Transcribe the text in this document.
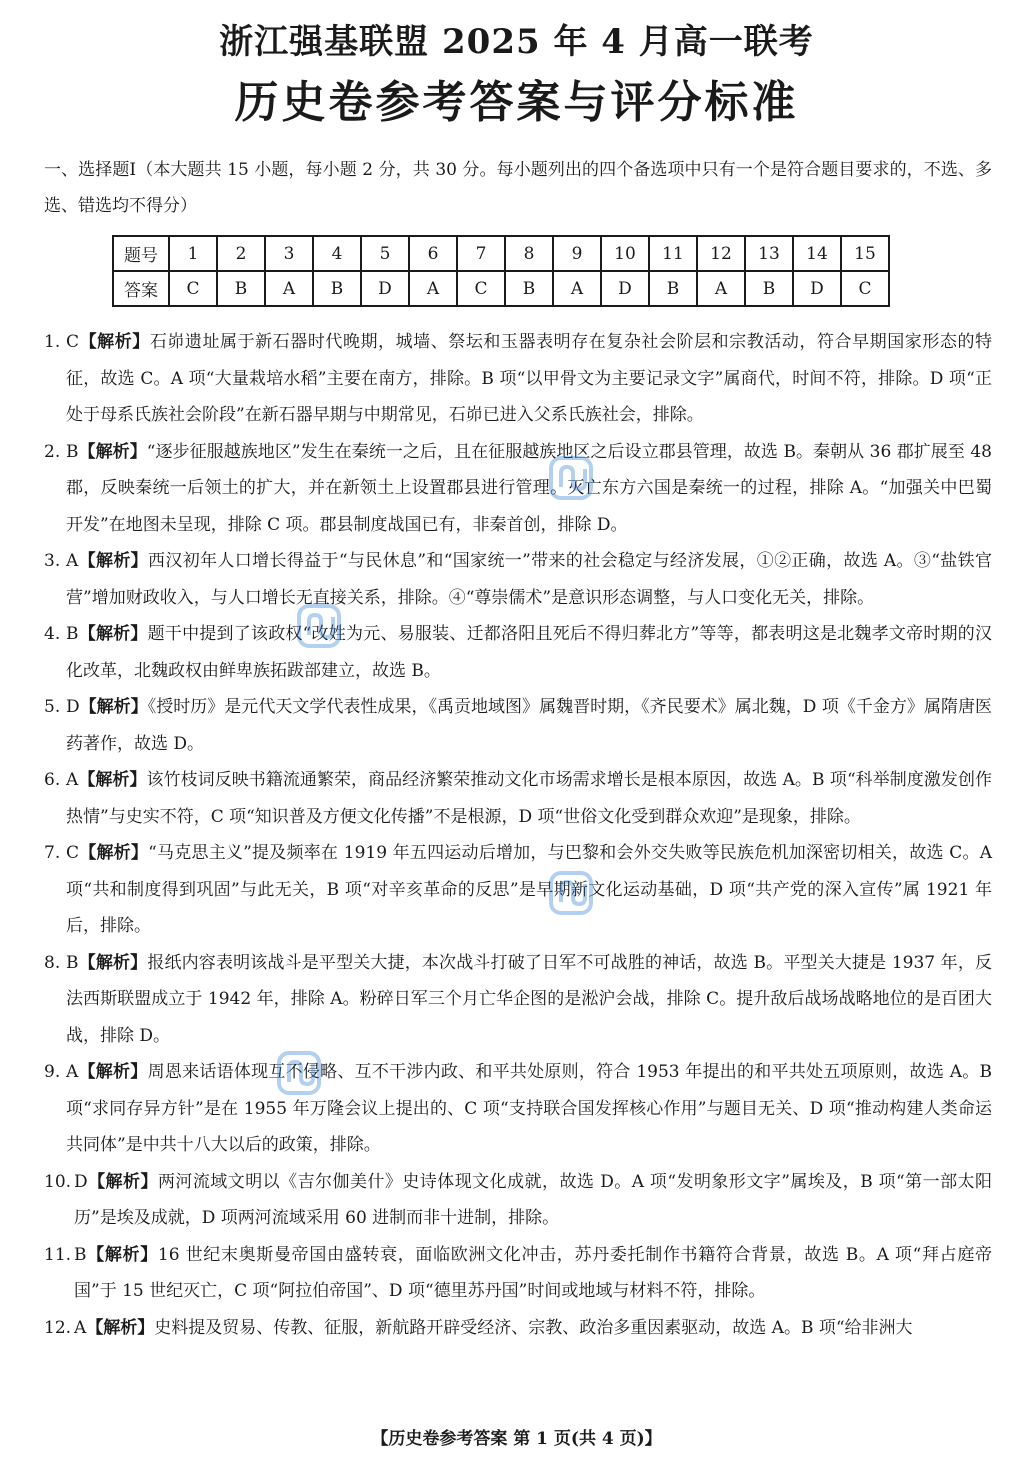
浙江强基联盟 2025 年 4 月高一联考
历史卷参考答案与评分标准
一、选择题Ⅰ（本大题共 15 小题，每小题 2 分，共 30 分。每小题列出的四个备选项中只有一个是符合题目要求的，不选、多选、错选均不得分）
题号	1	2	3	4	5	6	7	8	9	10	11	12	13	14	15
答案	C	B	A	B	D	A	C	B	A	D	B	A	B	D	C
1. C【解析】石峁遗址属于新石器时代晚期，城墙、祭坛和玉器表明存在复杂社会阶层和宗教活动，符合早期国家形态的特征，故选 C。A 项“大量栽培水稻”主要在南方，排除。B 项“以甲骨文为主要记录文字”属商代，时间不符，排除。D 项“正处于母系氏族社会阶段”在新石器早期与中期常见，石峁已进入父系氏族社会，排除。
2. B【解析】“逐步征服越族地区”发生在秦统一之后，且在征服越族地区之后设立郡县管理，故选 B。秦朝从 36 郡扩展至 48 郡，反映秦统一后领土的扩大，并在新领土上设置郡县进行管理。灭亡东方六国是秦统一的过程，排除 A。“加强关中巴蜀开发”在地图未呈现，排除 C 项。郡县制度战国已有，非秦首创，排除 D。
3. A【解析】西汉初年人口增长得益于“与民休息”和“国家统一”带来的社会稳定与经济发展，①②正确，故选 A。③“盐铁官营”增加财政收入，与人口增长无直接关系，排除。④“尊崇儒术”是意识形态调整，与人口变化无关，排除。
4. B【解析】题干中提到了该政权“改姓为元、易服装、迁都洛阳且死后不得归葬北方”等等，都表明这是北魏孝文帝时期的汉化改革，北魏政权由鲜卑族拓跋部建立，故选 B。
5. D【解析】《授时历》是元代天文学代表性成果，《禹贡地域图》属魏晋时期，《齐民要术》属北魏，D 项《千金方》属隋唐医药著作，故选 D。
6. A【解析】该竹枝词反映书籍流通繁荣，商品经济繁荣推动文化市场需求增长是根本原因，故选 A。B 项“科举制度激发创作热情”与史实不符，C 项“知识普及方便文化传播”不是根源，D 项“世俗文化受到群众欢迎”是现象，排除。
7. C【解析】“马克思主义”提及频率在 1919 年五四运动后增加，与巴黎和会外交失败等民族危机加深密切相关，故选 C。A 项“共和制度得到巩固”与此无关，B 项“对辛亥革命的反思”是早期新文化运动基础，D 项“共产党的深入宣传”属 1921 年后，排除。
8. B【解析】报纸内容表明该战斗是平型关大捷，本次战斗打破了日军不可战胜的神话，故选 B。平型关大捷是 1937 年，反法西斯联盟成立于 1942 年，排除 A。粉碎日军三个月亡华企图的是淞沪会战，排除 C。提升敌后战场战略地位的是百团大战，排除 D。
9. A【解析】周恩来话语体现互不侵略、互不干涉内政、和平共处原则，符合 1953 年提出的和平共处五项原则，故选 A。B 项“求同存异方针”是在 1955 年万隆会议上提出的、C 项“支持联合国发挥核心作用”与题目无关、D 项“推动构建人类命运共同体”是中共十八大以后的政策，排除。
10. D【解析】两河流域文明以《吉尔伽美什》史诗体现文化成就，故选 D。A 项“发明象形文字”属埃及，B 项“第一部太阳历”是埃及成就，D 项两河流域采用 60 进制而非十进制，排除。
11. B【解析】16 世纪末奥斯曼帝国由盛转衰，面临欧洲文化冲击，苏丹委托制作书籍符合背景，故选 B。A 项“拜占庭帝国”于 15 世纪灭亡，C 项“阿拉伯帝国”、D 项“德里苏丹国”时间或地域与材料不符，排除。
12. A【解析】史料提及贸易、传教、征服，新航路开辟受经济、宗教、政治多重因素驱动，故选 A。B 项“给非洲大
【历史卷参考答案 第 1 页(共 4 页)】
